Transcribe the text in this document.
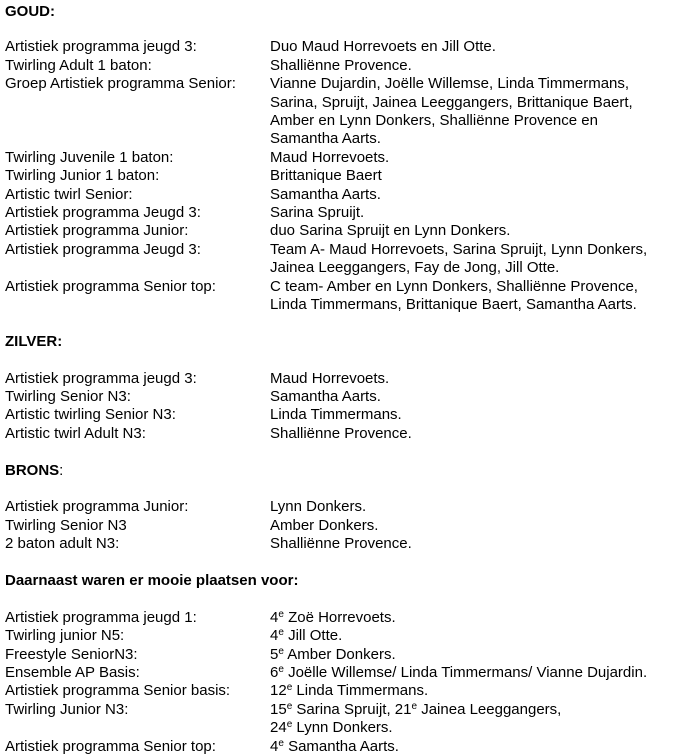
GOUD:
Artistiek programma jeugd 3:	Duo Maud Horrevoets en Jill Otte.
Twirling Adult 1 baton:	Shalliënne Provence.
Groep Artistiek programma Senior:	Vianne Dujardin, Joëlle Willemse, Linda Timmermans,
Sarina, Spruijt, Jainea Leeggangers, Brittanique Baert,
Amber en Lynn Donkers, Shalliënne Provence en
Samantha Aarts.
Twirling Juvenile 1 baton:	Maud Horrevoets.
Twirling Junior 1 baton:	Brittanique Baert
Artistic twirl Senior:	Samantha Aarts.
Artistiek programma Jeugd 3:	Sarina Spruijt.
Artistiek programma Junior:	duo Sarina Spruijt en Lynn Donkers.
Artistiek programma Jeugd 3:	Team A- Maud Horrevoets, Sarina Spruijt, Lynn Donkers,
Jainea Leeggangers, Fay de Jong, Jill Otte.
Artistiek programma Senior top:	C team- Amber en Lynn Donkers, Shalliënne Provence,
Linda Timmermans, Brittanique Baert, Samantha Aarts.
ZILVER:
Artistiek programma jeugd 3:	Maud Horrevoets.
Twirling Senior N3:	Samantha Aarts.
Artistic twirling Senior N3:	Linda Timmermans.
Artistic twirl Adult N3:	Shalliënne Provence.
BRONS:
Artistiek programma Junior:	Lynn Donkers.
Twirling Senior N3	Amber Donkers.
2 baton adult N3:	Shalliënne Provence.
Daarnaast waren er mooie plaatsen voor:
Artistiek programma jeugd 1:	4e Zoë Horrevoets.
Twirling junior N5:	4e Jill Otte.
Freestyle SeniorN3:	5e Amber Donkers.
Ensemble AP Basis:	6e Joëlle Willemse/ Linda Timmermans/ Vianne Dujardin.
Artistiek programma Senior basis:	12e Linda Timmermans.
Twirling Junior N3:	15e Sarina Spruijt, 21e Jainea Leeggangers,
24e Lynn Donkers.
Artistiek programma Senior top:	4e Samantha Aarts.
